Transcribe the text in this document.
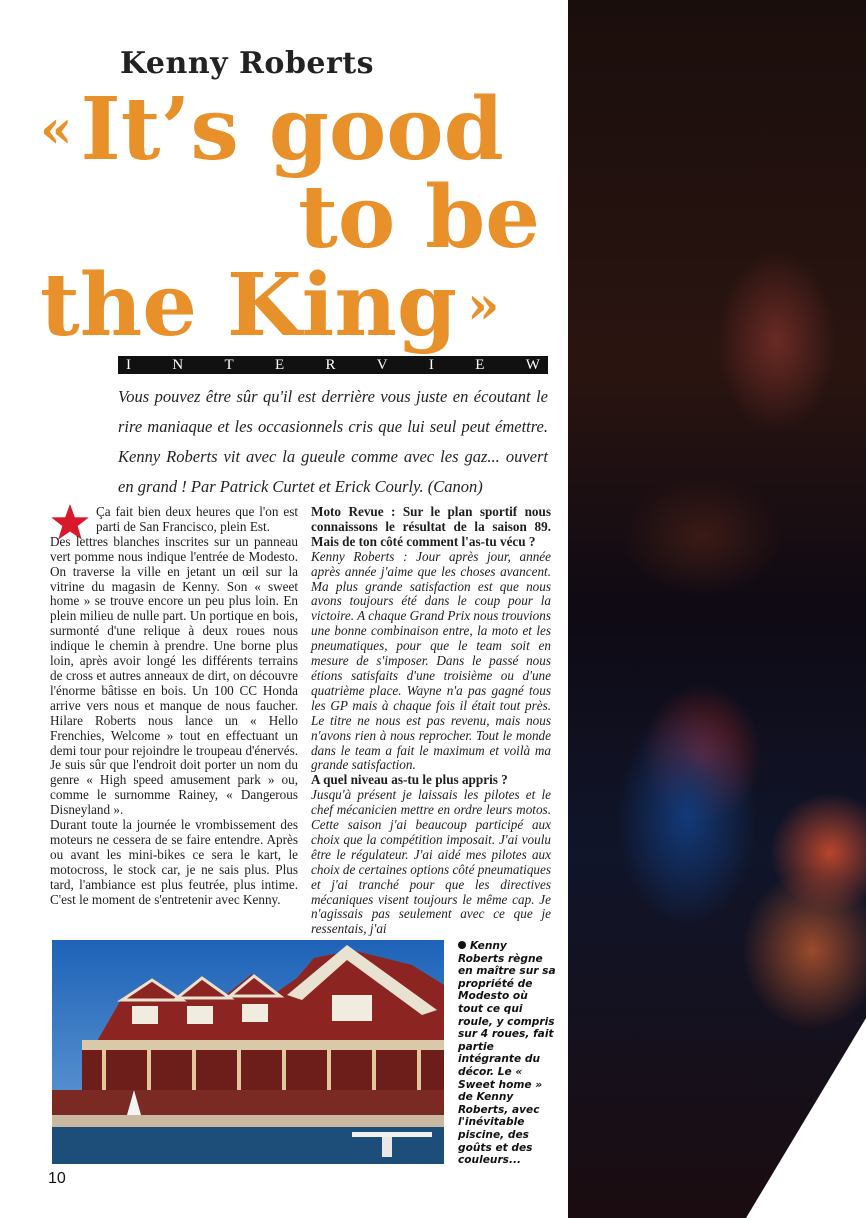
Kenny Roberts
«It’s good
to be
the King »
I	N	T	E	R	V	I	E	W

Vous pouvez être sûr qu'il est derrière vous juste en écoutant le rire maniaque et les occasionnels cris que lui seul peut émettre. Kenny Roberts vit avec la gueule comme avec les gaz... ouvert en grand ! Par Patrick Curtet et Erick Courly. (Canon)

Ça fait bien deux heures que l'on est parti de San Francisco, plein Est.

Des lettres blanches inscrites sur un panneau vert pomme nous indique l'entrée de Modesto. On traverse la ville en jetant un œil sur la vitrine du magasin de Kenny. Son « sweet home » se trouve encore un peu plus loin. En plein milieu de nulle part. Un portique en bois, surmonté d'une relique à deux roues nous indique le chemin à prendre. Une borne plus loin, après avoir longé les différents terrains de cross et autres anneaux de dirt, on découvre l'énorme bâtisse en bois. Un 100 CC Honda arrive vers nous et manque de nous faucher. Hilare Roberts nous lance un « Hello Frenchies, Welcome » tout en effectuant un demi tour pour rejoindre le troupeau d'énervés. Je suis sûr que l'endroit doit porter un nom du genre « High speed amusement park » ou, comme le surnomme Rainey, « Dangerous Disneyland ».

Durant toute la journée le vrombissement des moteurs ne cessera de se faire entendre. Après ou avant les mini-bikes ce sera le kart, le motocross, le stock car, je ne sais plus. Plus tard, l'ambiance est plus feutrée, plus intime. C'est le moment de s'entretenir avec Kenny.

Moto Revue : Sur le plan sportif nous connaissons le résultat de la saison 89. Mais de ton côté comment l'as-tu vécu ?

Kenny Roberts : Jour après jour, année après année j'aime que les choses avancent. Ma plus grande satisfaction est que nous avons toujours été dans le coup pour la victoire. A chaque Grand Prix nous trouvions une bonne combinaison entre, la moto et les pneumatiques, pour que le team soit en mesure de s'imposer. Dans le passé nous étions satisfaits d'une troisième ou d'une quatrième place. Wayne n'a pas gagné tous les GP mais à chaque fois il était tout près. Le titre ne nous est pas revenu, mais nous n'avons rien à nous reprocher. Tout le monde dans le team a fait le maximum et voilà ma grande satisfaction.

A quel niveau as-tu le plus appris ?

Jusqu'à présent je laissais les pilotes et le chef mécanicien mettre en ordre leurs motos. Cette saison j'ai beaucoup participé aux choix que la compétition imposait. J'ai voulu être le régulateur. J'ai aidé mes pilotes aux choix de certaines options côté pneumatiques et j'ai tranché pour que les directives mécaniques visent toujours le même cap. Je n'agissais pas seulement avec ce que je ressentais, j'ai

Kenny Roberts règne en maître sur sa propriété de Modesto où tout ce qui roule, y compris sur 4 roues, fait partie intégrante du décor. Le « Sweet home » de Kenny Roberts, avec l'inévitable piscine, des goûts et des couleurs...

10
